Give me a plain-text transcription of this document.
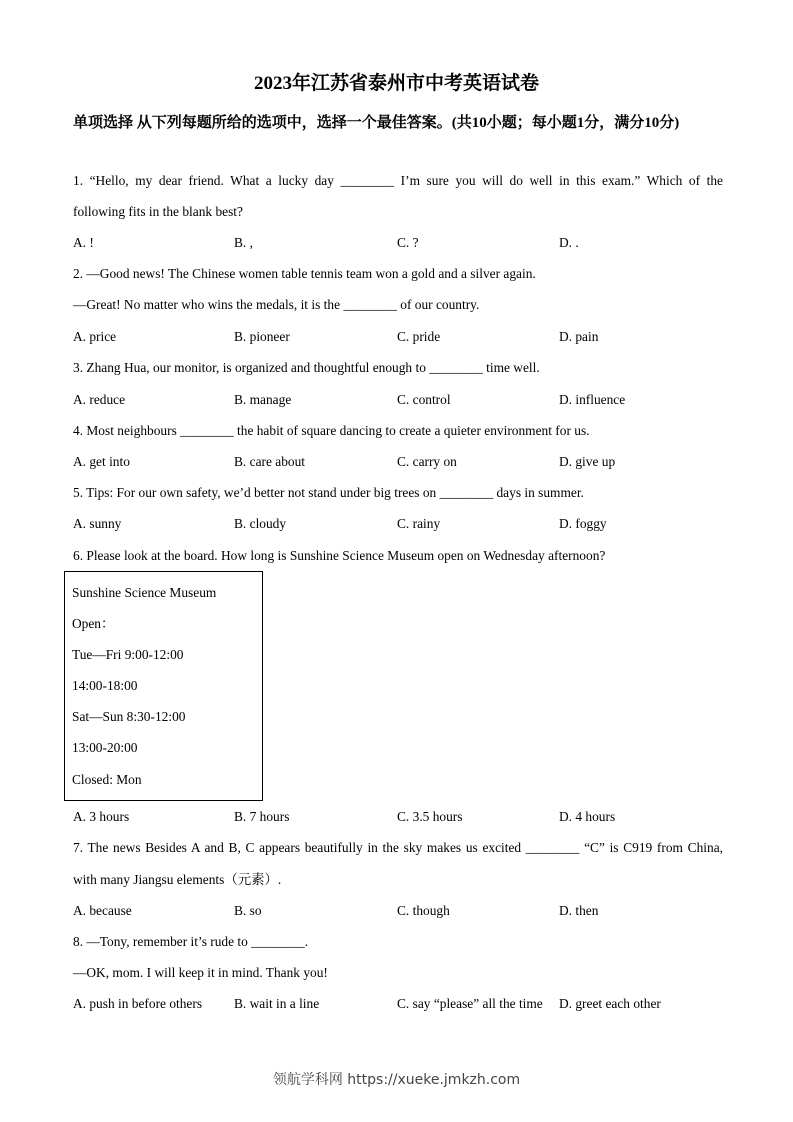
2023年江苏省泰州市中考英语试卷
单项选择 从下列每题所给的选项中，选择一个最佳答案。(共10小题；每小题1分，满分10分)
1. “Hello, my dear friend. What a lucky day ________ I’m sure you will do well in this exam.” Which of the
following fits in the blank best?
A. !	B. ,	C. ?	D. .
2. —Good news! The Chinese women table tennis team won a gold and a silver again.
—Great! No matter who wins the medals, it is the ________ of our country.
A. price	B. pioneer	C. pride	D. pain
3. Zhang Hua, our monitor, is organized and thoughtful enough to ________ time well.
A. reduce	B. manage	C. control	D. influence
4. Most neighbours ________ the habit of square dancing to create a quieter environment for us.
A. get into	B. care about	C. carry on	D. give up
5. Tips: For our own safety, we’d better not stand under big trees on ________ days in summer.
A. sunny	B. cloudy	C. rainy	D. foggy
6. Please look at the board. How long is Sunshine Science Museum open on Wednesday afternoon?
Sunshine Science Museum
Open：
Tue—Fri 9:00-12:00
14:00-18:00
Sat—Sun 8:30-12:00
13:00-20:00
Closed: Mon
A. 3 hours	B. 7 hours	C. 3.5 hours	D. 4 hours
7. The news Besides A and B, C appears beautifully in the sky makes us excited ________ “C” is C919 from China,
with many Jiangsu elements（元素）.
A. because	B. so	C. though	D. then
8. —Tony, remember it’s rude to ________.
—OK, mom. I will keep it in mind. Thank you!
A. push in before others B. wait in a line	C. say “please” all the time D. greet each other
领航学科网 https://xueke.jmkzh.com
